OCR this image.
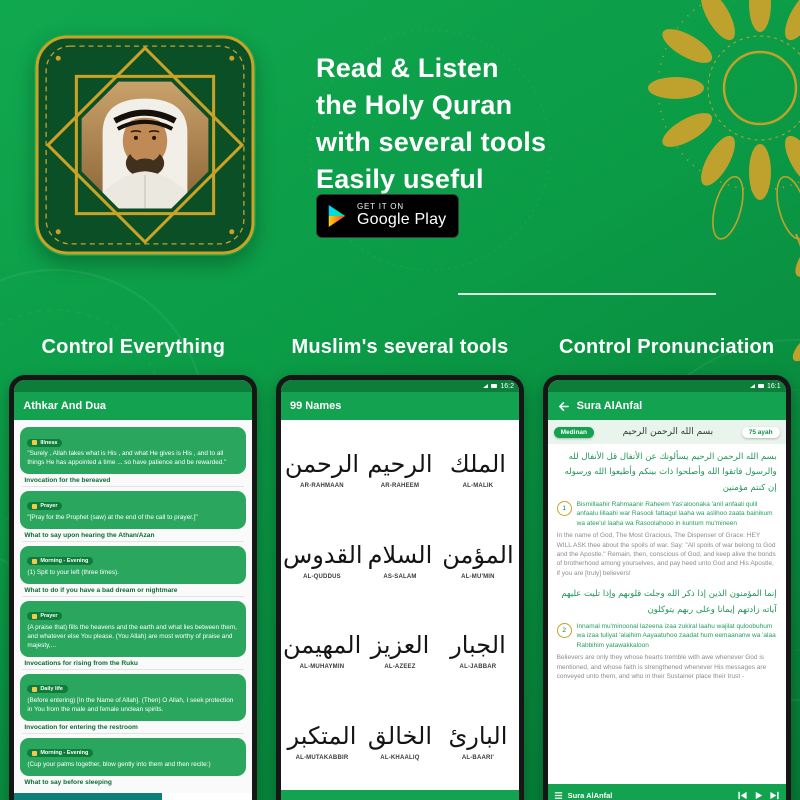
Read & Listen
the Holy Quran
with several tools
Easily useful
GET IT ON
Google Play
Control Everything
Athkar And Dua
Illness
"Surely , Allah takes what is His , and what He gives is His , and to all things He has appointed a time ... so have patience and be rewarded."
Invocation for the bereaved
Prayer
"[Pray for the Prophet (saw) at the end of the call to prayer.]"
What to say upon hearing the Athan/Azan
Morning - Evening
(1) Spit to your left (three times).
What to do if you have a bad dream or nightmare
Prayer
(A praise that) fills the heavens and the earth and what lies between them, and whatever else You please. (You Allah) are most worthy of praise and majesty,...
Invocations for rising from the Ruku
Daily life
(Before entering) [In the Name of Allah]. (Then) O Allah, I seek protection in You from the male and female unclean spirits.
Invocation for entering the restroom
Morning - Evening
(Cup your palms together, blow gently into them and then recite:)
What to say before sleeping
Muslim's several tools
16:2
99 Names
الرحمن
AR-RAHMAAN
الرحيم
AR-RAHEEM
الملك
AL-MALIK
القدوس
AL-QUDDUS
السلام
AS-SALAM
المؤمن
AL-MU'MIN
المهيمن
AL-MUHAYMIN
العزيز
AL-AZEEZ
الجبار
AL-JABBAR
المتكبر
AL-MUTAKABBIR
الخالق
AL-KHAALIQ
البارئ
AL-BAARI'
Control Pronunciation
16:1
Sura AlAnfal
Medinan	بسم الله الرحمن الرحيم	75 ayah
بسم الله الرحمن الرحيم يسألونك عن الأنفال قل الأنفال لله والرسول فاتقوا الله وأصلحوا ذات بينكم وأطيعوا الله ورسوله إن كنتم مؤمنين
1
Bismillaahir Rahmaanir Raheem Yas'aloonaka 'anil anfaali qulil anfaalu lillaahi war Rasooli fattaqul laaha wa aslihoo zaata bainikum wa atee'ul laaha wa Rasoolahooo in kuntum mu'mineen
In the name of God, The Most Gracious, The Dispenser of Grace: HEY WILL ASK thee about the spoils of war. Say: "All spoils of war belong to God and the Apostle." Remain, then, conscious of God, and keep alive the bonds of brotherhood among yourselves, and pay heed unto God and His Apostle, if you are [truly] believers!
إنما المؤمنون الذين إذا ذكر الله وجلت قلوبهم وإذا تليت عليهم آياته زادتهم إيمانا وعلى ربهم يتوكلون
2
Innamal mu'minoonal lazeena izaa zukiral laahu wajilat quloobuhum wa izaa tuliyat 'alaihim Aayaatuhoo zaadat hum eemaananw wa 'alaa Rabbihim yatawakkaloon
Believers are only they whose hearts tremble with awe whenever God is mentioned, and whose faith is strengthened whenever His messages are conveyed unto them, and who in their Sustainer place their trust -
Sura AlAnfal
